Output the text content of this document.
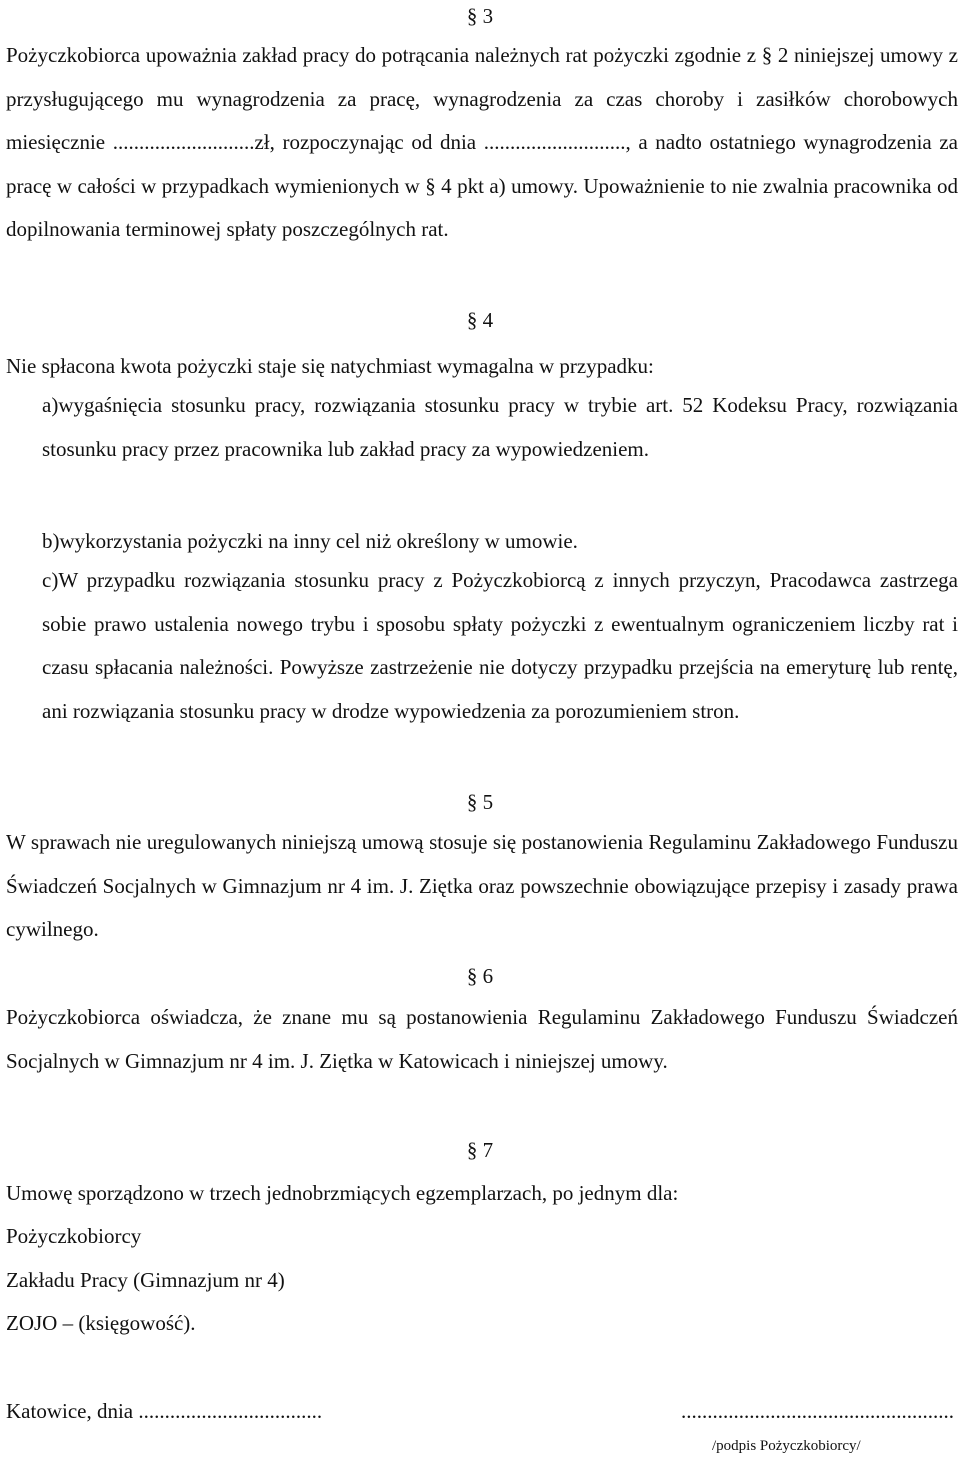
§ 3
Pożyczkobiorca upoważnia zakład pracy do potrącania należnych rat pożyczki zgodnie z § 2 niniejszej umowy z przysługującego mu wynagrodzenia za pracę, wynagrodzenia za czas choroby i zasiłków chorobowych miesięcznie ...........................zł, rozpoczynając od dnia ..........................., a nadto ostatniego wynagrodzenia za pracę w całości w przypadkach wymienionych w § 4 pkt a) umowy. Upoważnienie to nie zwalnia pracownika od dopilnowania terminowej spłaty poszczególnych rat.
§ 4
Nie spłacona kwota pożyczki staje się natychmiast wymagalna w przypadku:
a)wygaśnięcia stosunku pracy, rozwiązania stosunku pracy w trybie art. 52 Kodeksu Pracy, rozwiązania stosunku pracy przez pracownika lub zakład pracy za wypowiedzeniem.
b)wykorzystania pożyczki na inny cel niż określony w umowie.
c)W przypadku rozwiązania stosunku pracy z Pożyczkobiorcą z innych przyczyn, Pracodawca zastrzega sobie prawo ustalenia nowego trybu i sposobu spłaty pożyczki z ewentualnym ograniczeniem liczby rat i czasu spłacania należności. Powyższe zastrzeżenie nie dotyczy przypadku przejścia na emeryturę lub rentę, ani rozwiązania stosunku pracy w drodze wypowiedzenia za porozumieniem stron.
§ 5
W sprawach nie uregulowanych niniejszą umową stosuje się postanowienia Regulaminu Zakładowego Funduszu Świadczeń Socjalnych w Gimnazjum nr 4 im. J. Ziętka oraz powszechnie obowiązujące przepisy i zasady prawa cywilnego.
§ 6
Pożyczkobiorca oświadcza, że znane mu są postanowienia Regulaminu Zakładowego Funduszu Świadczeń Socjalnych w Gimnazjum nr 4 im. J. Ziętka w Katowicach i niniejszej umowy.
§ 7
Umowę sporządzono w trzech jednobrzmiących egzemplarzach, po jednym dla:
Pożyczkobiorcy
Zakładu Pracy (Gimnazjum nr 4)
ZOJO – (księgowość).
Katowice, dnia ...................................	....................................................
/podpis Pożyczkobiorcy/
